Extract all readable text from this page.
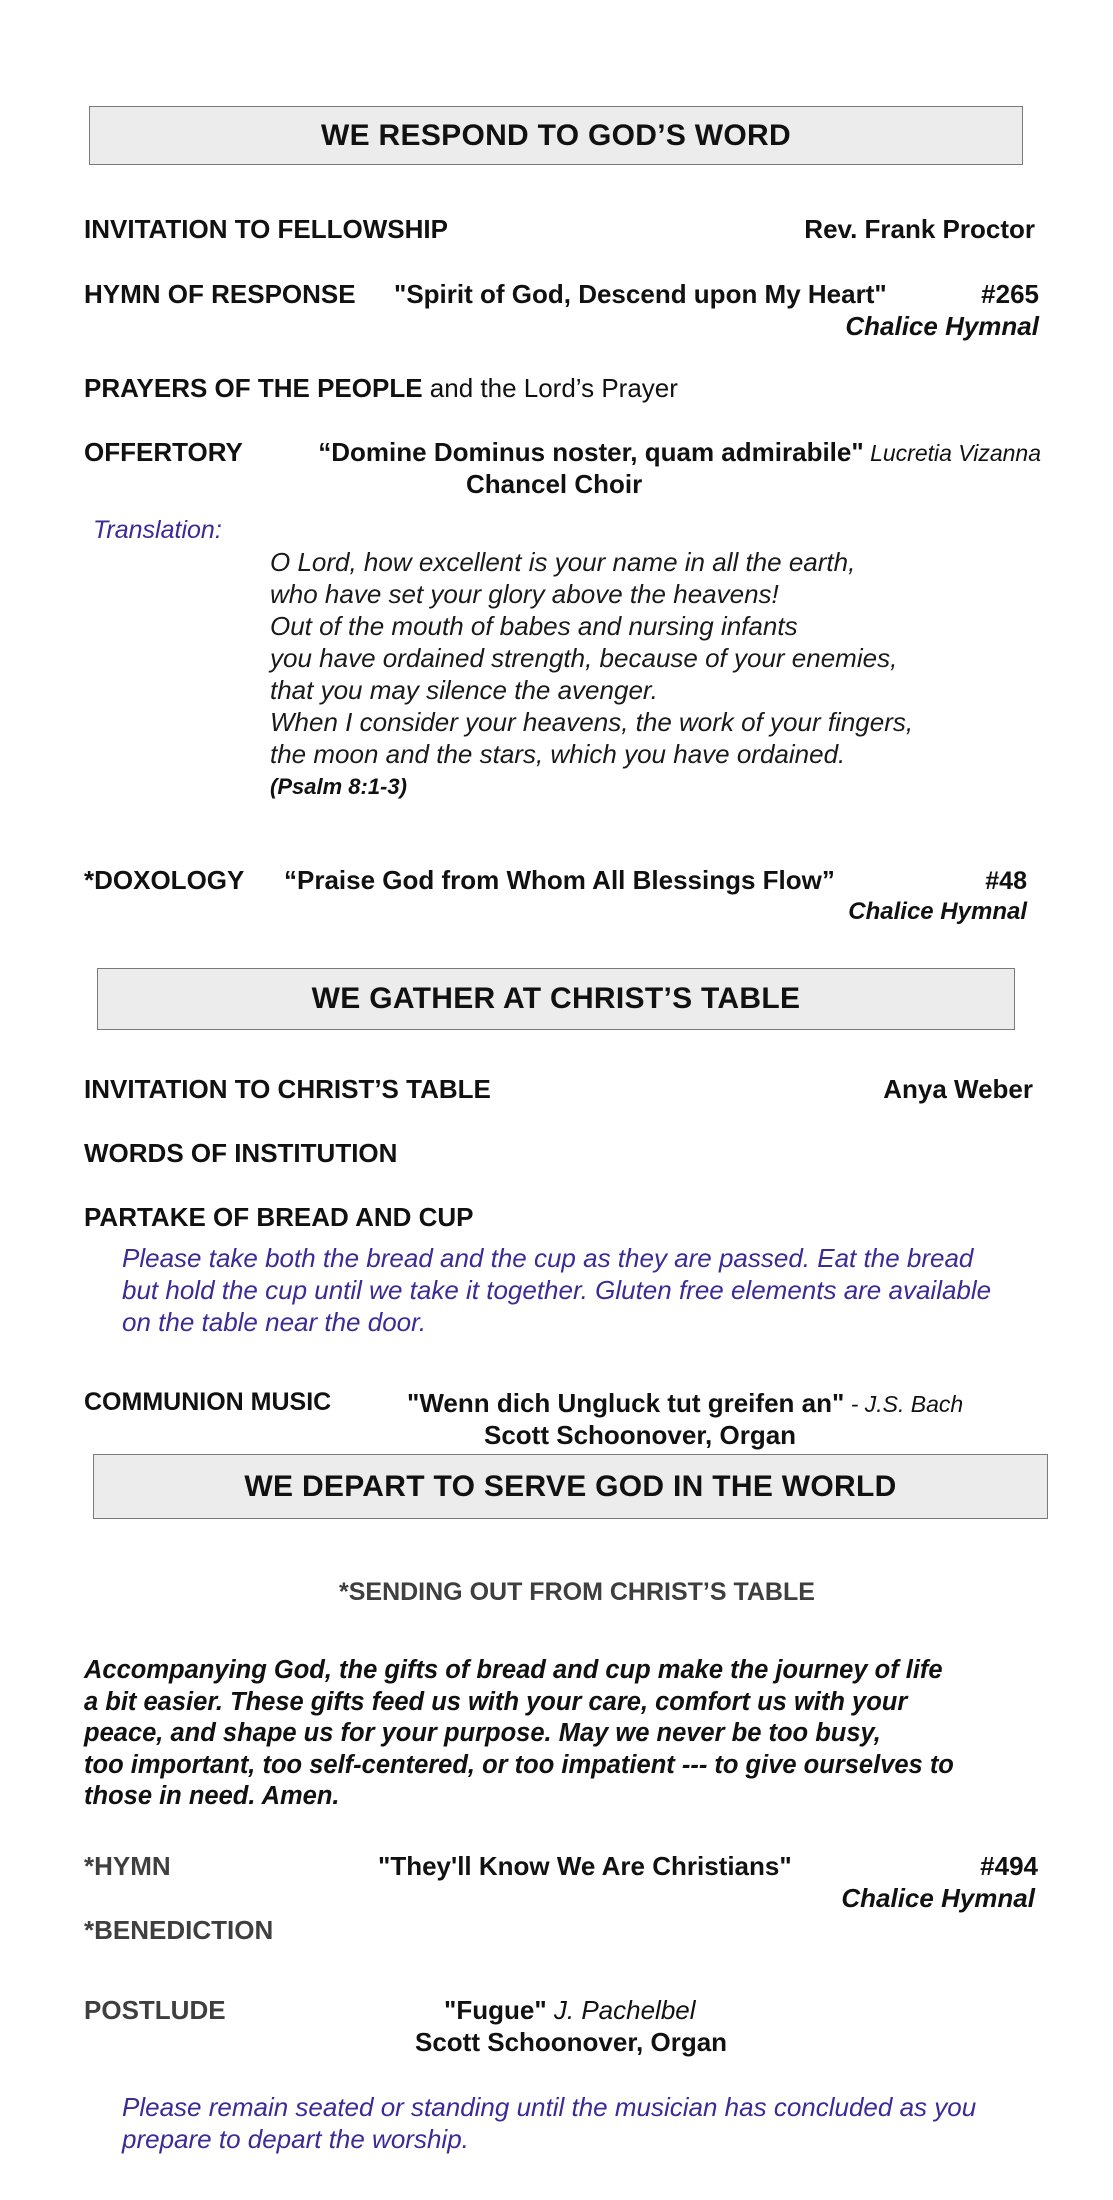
WE RESPOND TO GOD’S WORD
INVITATION TO FELLOWSHIP	Rev. Frank Proctor
HYMN OF RESPONSE "Spirit of God, Descend upon My Heart"	#265
Chalice Hymnal
PRAYERS OF THE PEOPLE and the Lord’s Prayer
OFFERTORY	“Domine Dominus noster, quam admirabile" Lucretia Vizanna
Chancel Choir
Translation:
O Lord, how excellent is your name in all the earth,
who have set your glory above the heavens!
Out of the mouth of babes and nursing infants
you have ordained strength, because of your enemies,
that you may silence the avenger.
When I consider your heavens, the work of your fingers,
the moon and the stars, which you have ordained.
(Psalm 8:1-3)
*DOXOLOGY “Praise God from Whom All Blessings Flow”	#48
Chalice Hymnal
WE GATHER AT CHRIST’S TABLE
INVITATION TO CHRIST’S TABLE	Anya Weber
WORDS OF INSTITUTION
PARTAKE OF BREAD AND CUP
Please take both the bread and the cup as they are passed. Eat the bread
but hold the cup until we take it together. Gluten free elements are available
on the table near the door.
COMMUNION MUSIC	"Wenn dich Ungluck tut greifen an" - J.S. Bach
Scott Schoonover, Organ
WE DEPART TO SERVE GOD IN THE WORLD
*SENDING OUT FROM CHRIST’S TABLE
Accompanying God, the gifts of bread and cup make the journey of life
a bit easier. These gifts feed us with your care, comfort us with your
peace, and shape us for your purpose. May we never be too busy,
too important, too self-centered, or too impatient --- to give ourselves to
those in need. Amen.
*HYMN	"They'll Know We Are Christians"	#494
Chalice Hymnal
*BENEDICTION
POSTLUDE	"Fugue" J. Pachelbel
Scott Schoonover, Organ
Please remain seated or standing until the musician has concluded as you
prepare to depart the worship.
